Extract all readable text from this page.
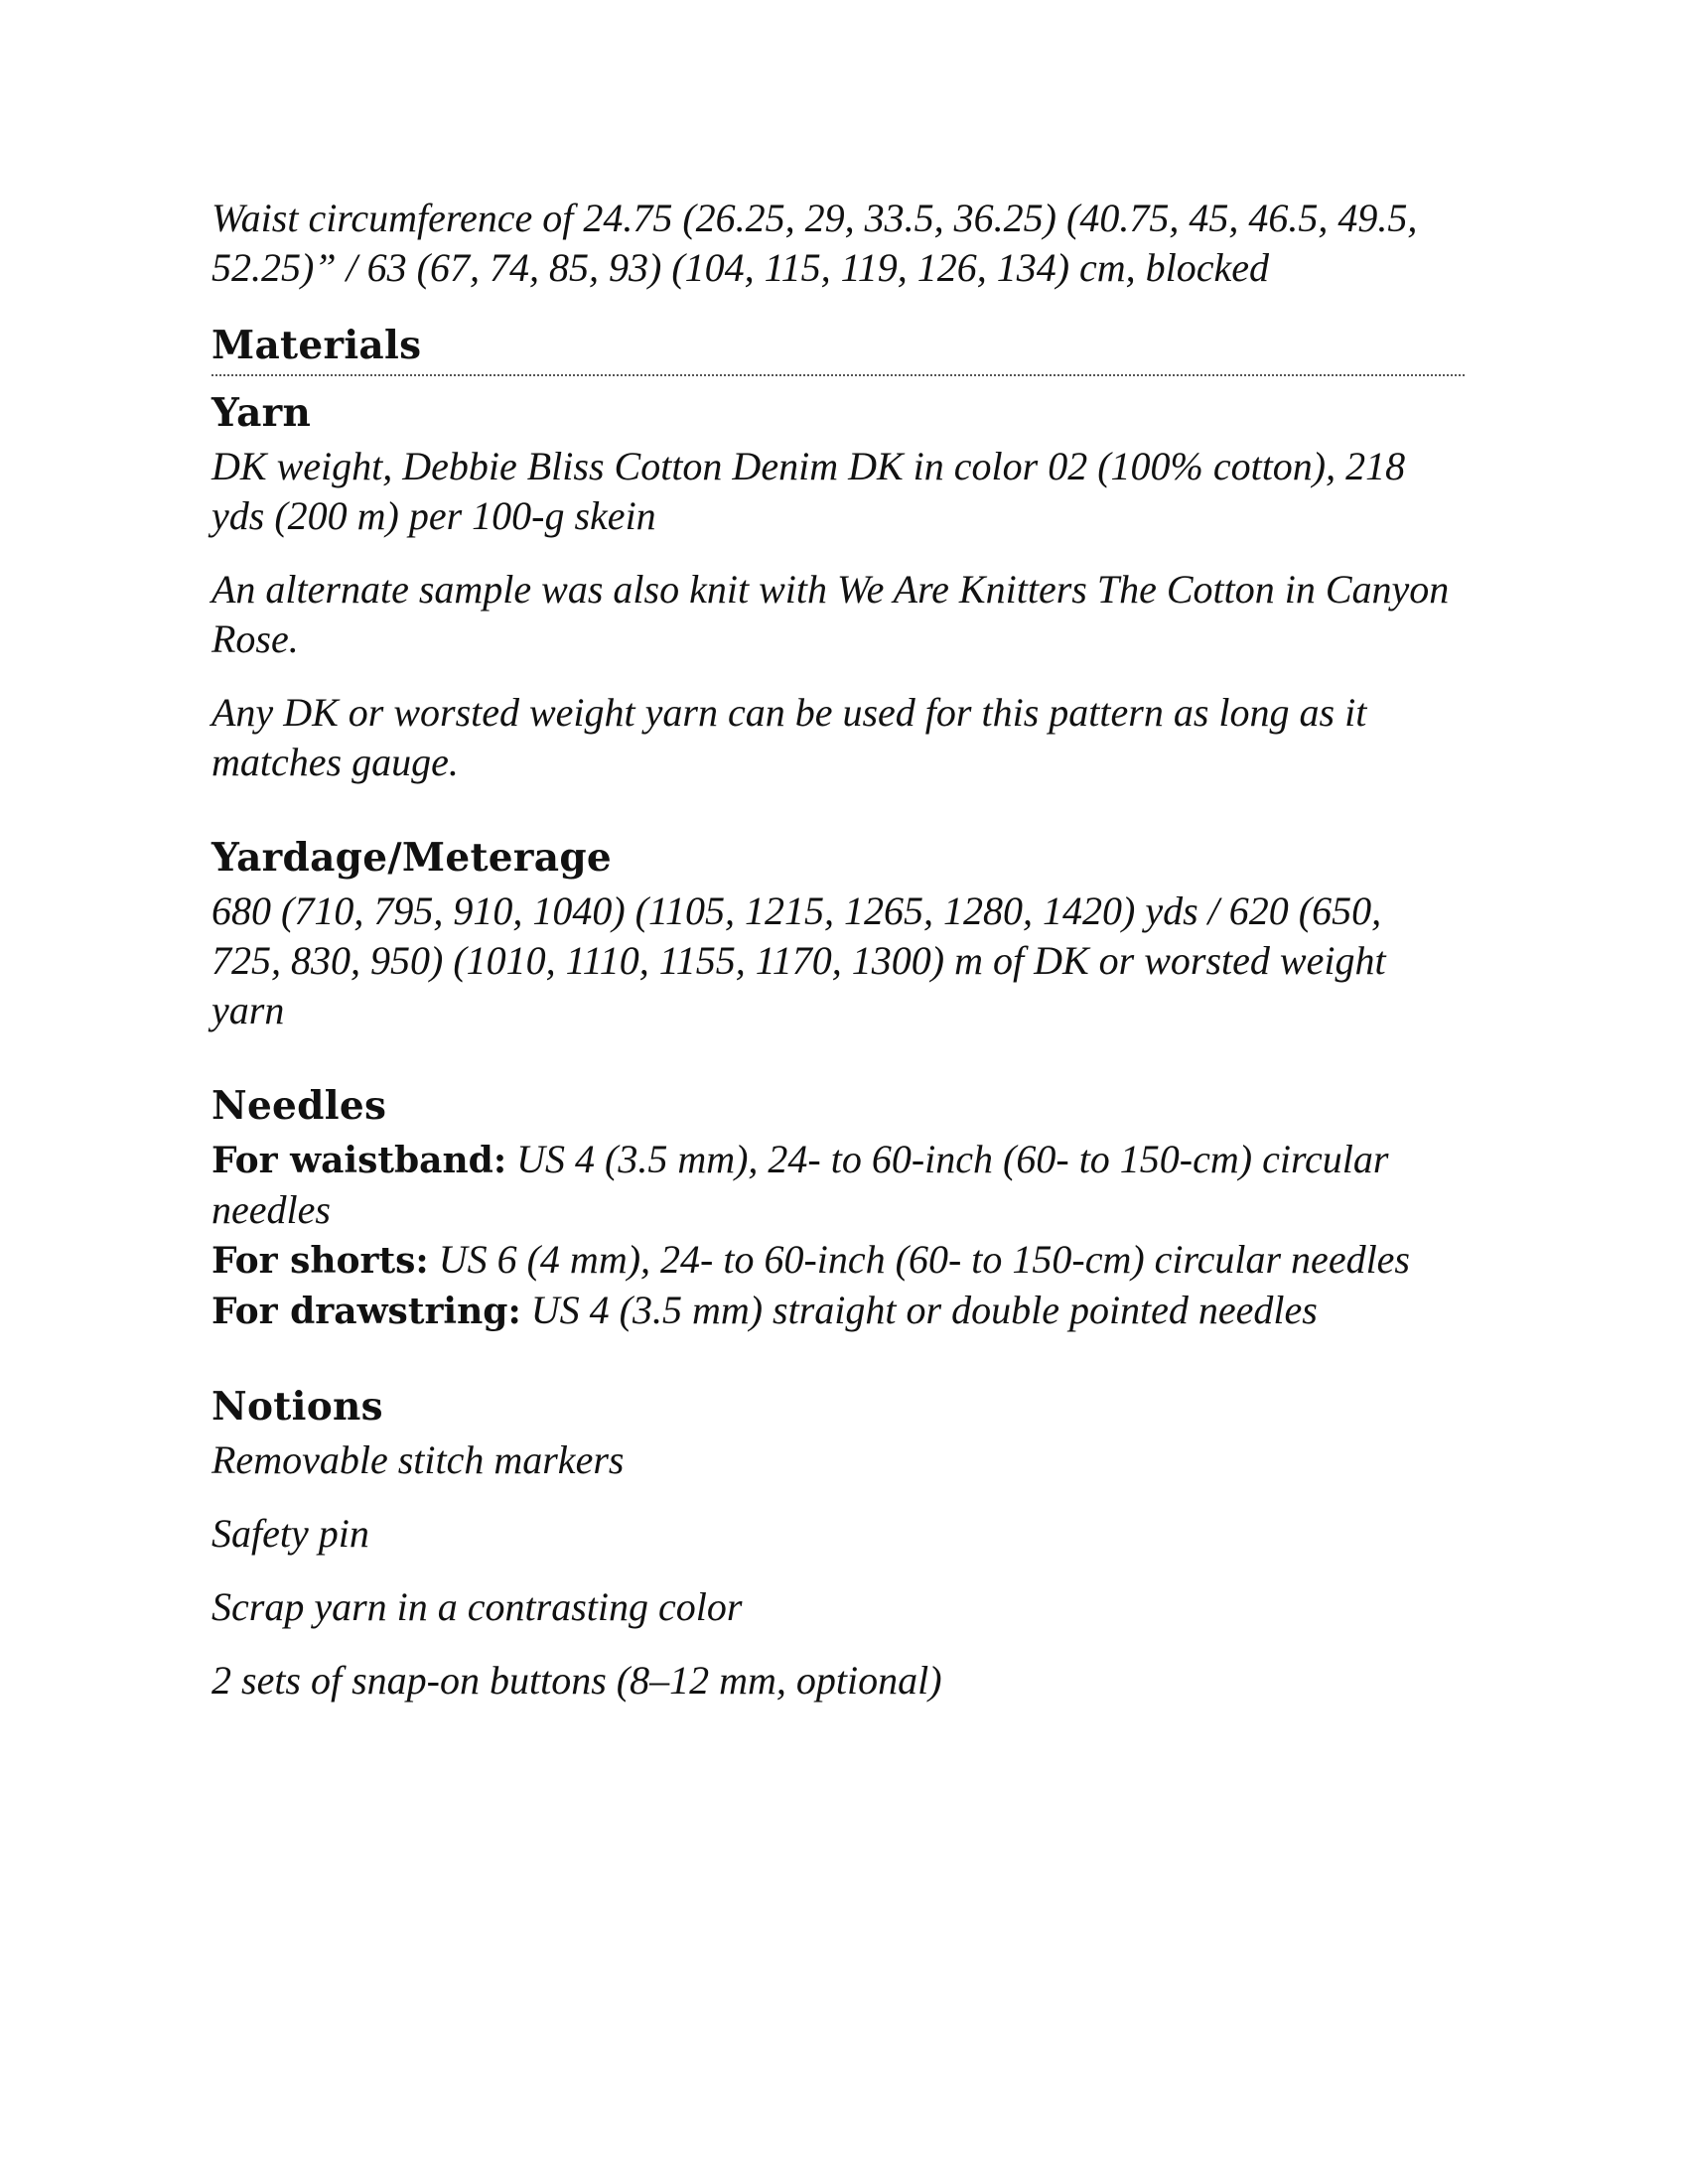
Waist circumference of 24.75 (26.25, 29, 33.5, 36.25) (40.75, 45, 46.5, 49.5, 52.25)” / 63 (67, 74, 85, 93) (104, 115, 119, 126, 134) cm, blocked

Materials
Yarn

DK weight, Debbie Bliss Cotton Denim DK in color 02 (100% cotton), 218 yds (200 m) per 100-g skein

An alternate sample was also knit with We Are Knitters The Cotton in Canyon Rose.

Any DK or worsted weight yarn can be used for this pattern as long as it matches gauge.

Yardage/Meterage

680 (710, 795, 910, 1040) (1105, 1215, 1265, 1280, 1420) yds / 620 (650, 725, 830, 950) (1010, 1110, 1155, 1170, 1300) m of DK or worsted weight yarn

Needles

For waistband: US 4 (3.5 mm), 24- to 60-inch (60- to 150-cm) circular needles

For shorts: US 6 (4 mm), 24- to 60-inch (60- to 150-cm) circular needles

For drawstring: US 4 (3.5 mm) straight or double pointed needles

Notions

Removable stitch markers

Safety pin

Scrap yarn in a contrasting color

2 sets of snap-on buttons (8–12 mm, optional)
